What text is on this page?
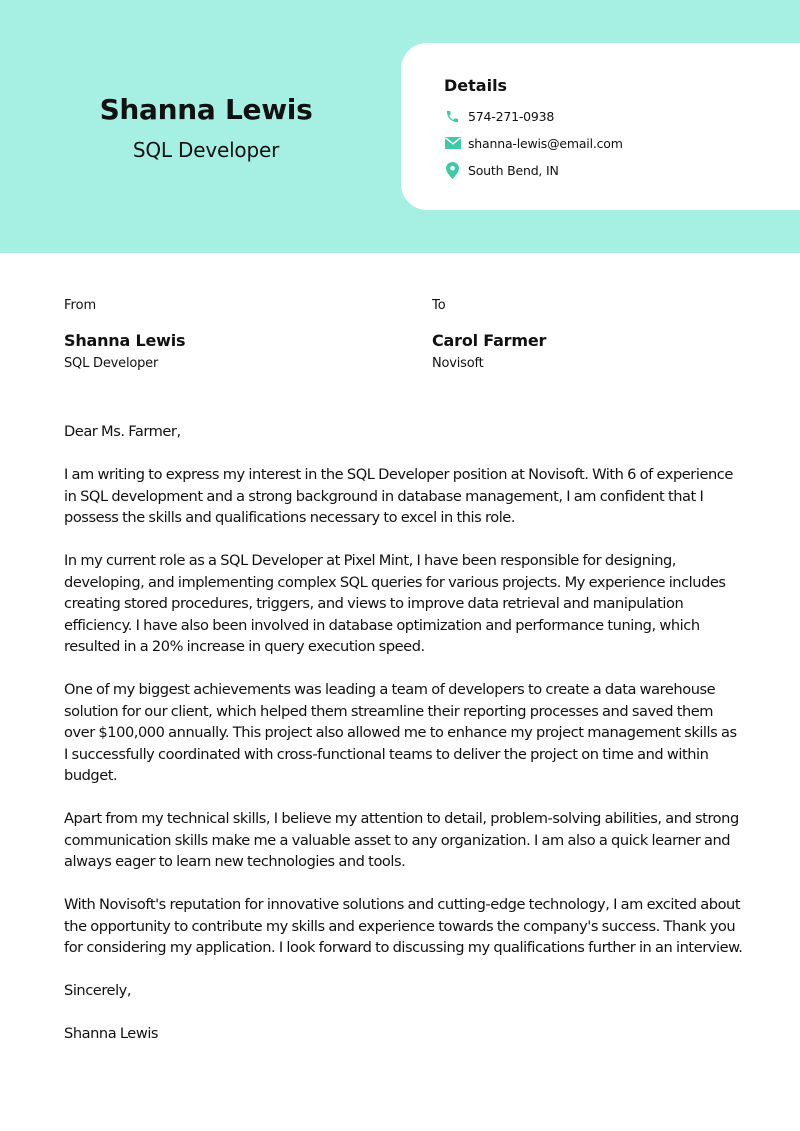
Shanna Lewis
SQL Developer
Details
574-271-0938
shanna-lewis@email.com
South Bend, IN
From
Shanna Lewis
SQL Developer
To
Carol Farmer
Novisoft

Dear Ms. Farmer,

I am writing to express my interest in the SQL Developer position at Novisoft. With 6 of experience in SQL development and a strong background in database management, I am confident that I possess the skills and qualifications necessary to excel in this role.

In my current role as a SQL Developer at Pixel Mint, I have been responsible for designing, developing, and implementing complex SQL queries for various projects. My experience includes creating stored procedures, triggers, and views to improve data retrieval and manipulation efficiency. I have also been involved in database optimization and performance tuning, which resulted in a 20% increase in query execution speed.

One of my biggest achievements was leading a team of developers to create a data warehouse solution for our client, which helped them streamline their reporting processes and saved them over $100,000 annually. This project also allowed me to enhance my project management skills as I successfully coordinated with cross-functional teams to deliver the project on time and within budget.

Apart from my technical skills, I believe my attention to detail, problem-solving abilities, and strong communication skills make me a valuable asset to any organization. I am also a quick learner and always eager to learn new technologies and tools.

With Novisoft's reputation for innovative solutions and cutting-edge technology, I am excited about the opportunity to contribute my skills and experience towards the company's success. Thank you for considering my application. I look forward to discussing my qualifications further in an interview.

Sincerely,

Shanna Lewis
